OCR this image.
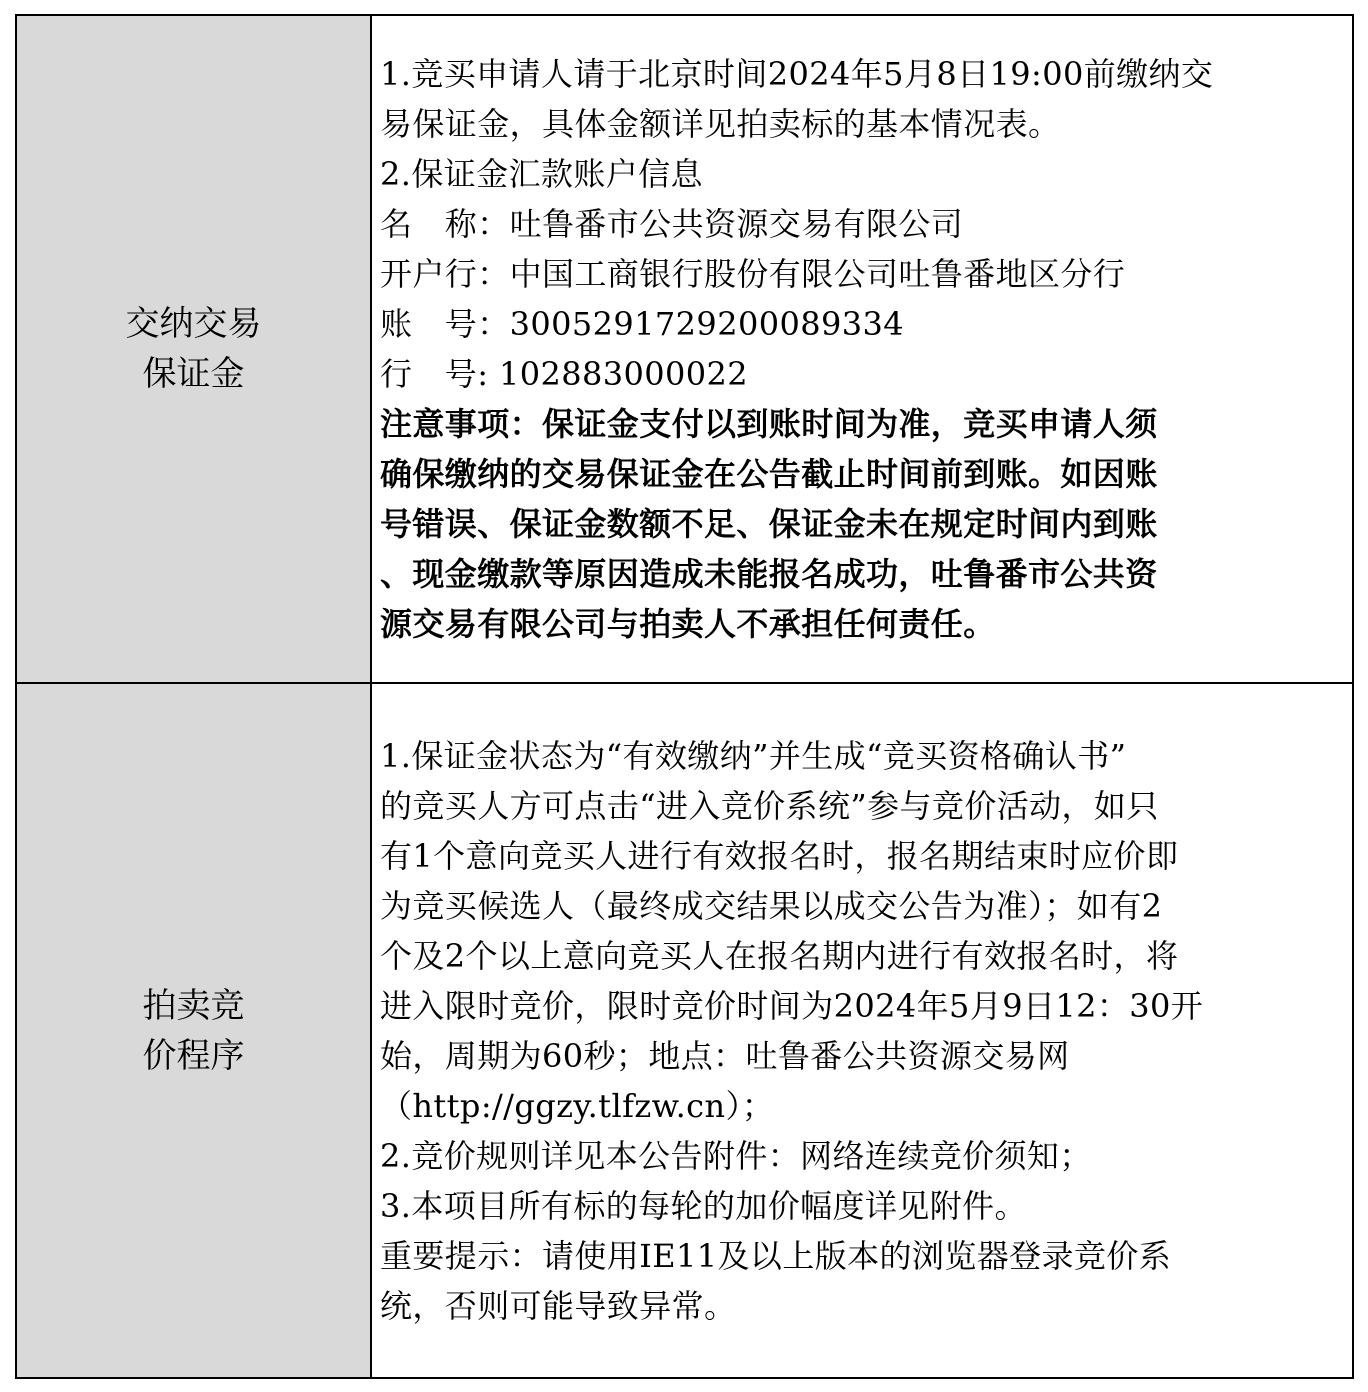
交纳交易
保证金
1.竞买申请人请于北京时间2024年5月8日19:00前缴纳交
易保证金，具体金额详见拍卖标的基本情况表。
2.保证金汇款账户信息
名　称：吐鲁番市公共资源交易有限公司
开户行：中国工商银行股份有限公司吐鲁番地区分行
账　号：3005291729200089334
行　号: 102883000022
注意事项：保证金支付以到账时间为准，竞买申请人须
确保缴纳的交易保证金在公告截止时间前到账。如因账
号错误、保证金数额不足、保证金未在规定时间内到账
、现金缴款等原因造成未能报名成功，吐鲁番市公共资
源交易有限公司与拍卖人不承担任何责任。
拍卖竞
价程序
1.保证金状态为“有效缴纳”并生成“竞买资格确认书”
的竞买人方可点击“进入竞价系统”参与竞价活动，如只
有1个意向竞买人进行有效报名时，报名期结束时应价即
为竞买候选人（最终成交结果以成交公告为准）；如有2
个及2个以上意向竞买人在报名期内进行有效报名时，将
进入限时竞价，限时竞价时间为2024年5月9日12：30开
始，周期为60秒；地点：吐鲁番公共资源交易网
（http://ggzy.tlfzw.cn）；
2.竞价规则详见本公告附件：网络连续竞价须知；
3.本项目所有标的每轮的加价幅度详见附件。
重要提示：请使用IE11及以上版本的浏览器登录竞价系
统，否则可能导致异常。
